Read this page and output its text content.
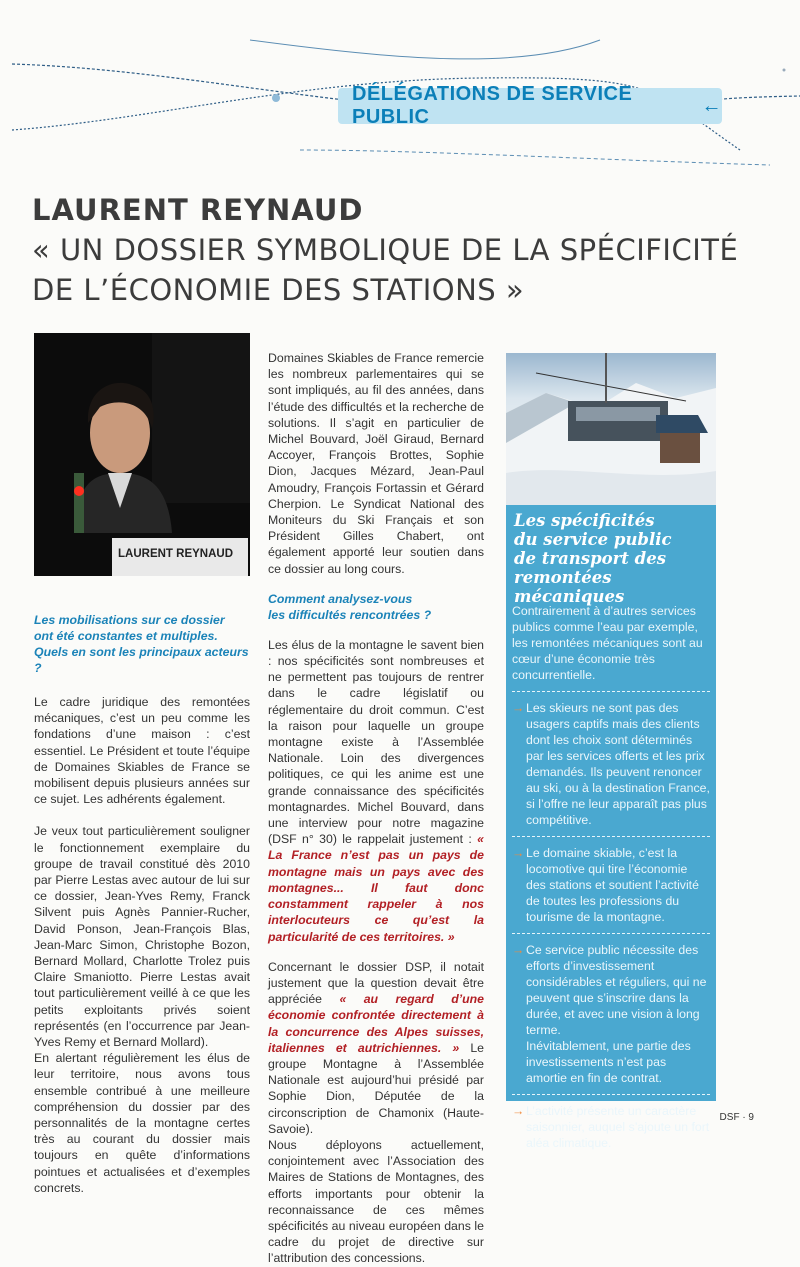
DÉLÉGATIONS DE SERVICE PUBLIC
←
LAURENT REYNAUD
« UN DOSSIER SYMBOLIQUE DE LA SPÉCIFICITÉ
DE L’ÉCONOMIE DES STATIONS »
LAURENT REYNAUD
Les mobilisations sur ce dossier
ont été constantes et multiples.
Quels en sont les principaux acteurs ?

Le cadre juridique des remontées mécaniques, c’est un peu comme les fondations d’une maison : c’est essentiel. Le Président et toute l’équipe de Domaines Skiables de France se mobilisent depuis plusieurs années sur ce sujet. Les adhérents également.

Je veux tout particulièrement souligner le fonctionnement exemplaire du groupe de travail constitué dès 2010 par Pierre Lestas avec autour de lui sur ce dossier, Jean-Yves Remy, Franck Silvent puis Agnès Pannier-Rucher, David Ponson, Jean-François Blas, Jean-Marc Simon, Christophe Bozon, Bernard Mollard, Charlotte Trolez puis Claire Smaniotto. Pierre Lestas avait tout particulièrement veillé à ce que les petits exploitants privés soient représentés (en l’occurrence par Jean-Yves Remy et Bernard Mollard).

En alertant régulièrement les élus de leur territoire, nous avons tous ensemble contribué à une meilleure compréhension du dossier par des personnalités de la montagne certes très au courant du dossier mais toujours en quête d’informations pointues et actualisées et d’exemples concrets.

Domaines Skiables de France remercie les nombreux parlementaires qui se sont impliqués, au fil des années, dans l’étude des difficultés et la recherche de solutions. Il s’agit en particulier de Michel Bouvard, Joël Giraud, Bernard Accoyer, François Brottes, Sophie Dion, Jacques Mézard, Jean-Paul Amoudry, François Fortassin et Gérard Cherpion. Le Syndicat National des Moniteurs du Ski Français et son Président Gilles Chabert, ont également apporté leur soutien dans ce dossier au long cours.

Comment analysez-vous
les difficultés rencontrées ?

Les élus de la montagne le savent bien : nos spécificités sont nombreuses et ne permettent pas toujours de rentrer dans le cadre législatif ou réglementaire du droit commun. C’est la raison pour laquelle un groupe montagne existe à l’Assemblée Nationale. Loin des divergences politiques, ce qui les anime est une grande connaissance des spécificités montagnardes. Michel Bouvard, dans une interview pour notre magazine (DSF n° 30) le rappelait justement : « La France n’est pas un pays de montagne mais un pays avec des montagnes... Il faut donc constamment rappeler à nos interlocuteurs ce qu’est la particularité de ces territoires. »

Concernant le dossier DSP, il notait justement que la question devait être appréciée « au regard d’une économie confrontée directement à la concurrence des Alpes suisses, italiennes et autrichiennes. » Le groupe Montagne à l’Assemblée Nationale est aujourd’hui présidé par Sophie Dion, Députée de la circonscription de Chamonix (Haute-Savoie).

Nous déployons actuellement, conjointement avec l’Association des Maires de Stations de Montagnes, des efforts importants pour obtenir la reconnaissance de ces mêmes spécificités au niveau européen dans le cadre du projet de directive sur l’attribution des concessions.

Les spécificités
du service public
de transport des
remontées mécaniques

Contrairement à d’autres services publics comme l’eau par exemple, les remontées mécaniques sont au cœur d’une économie très concurrentielle.

→ Les skieurs ne sont pas des usagers captifs mais des clients dont les choix sont déterminés par les services offerts et les prix demandés. Ils peuvent renoncer au ski, ou à la destination France, si l’offre ne leur apparaît pas plus compétitive.
→ Le domaine skiable, c’est la locomotive qui tire l’économie des stations et soutient l’activité de toutes les professions du tourisme de la montagne.
→ Ce service public nécessite des efforts d’investissement considérables et réguliers, qui ne peuvent que s’inscrire dans la durée, et avec une vision à long terme.
Inévitablement, une partie des investissements n’est pas amortie en fin de contrat.
→ L’activité présente un caractère saisonnier, auquel s’ajoute un fort aléa climatique.
DSF · 9
